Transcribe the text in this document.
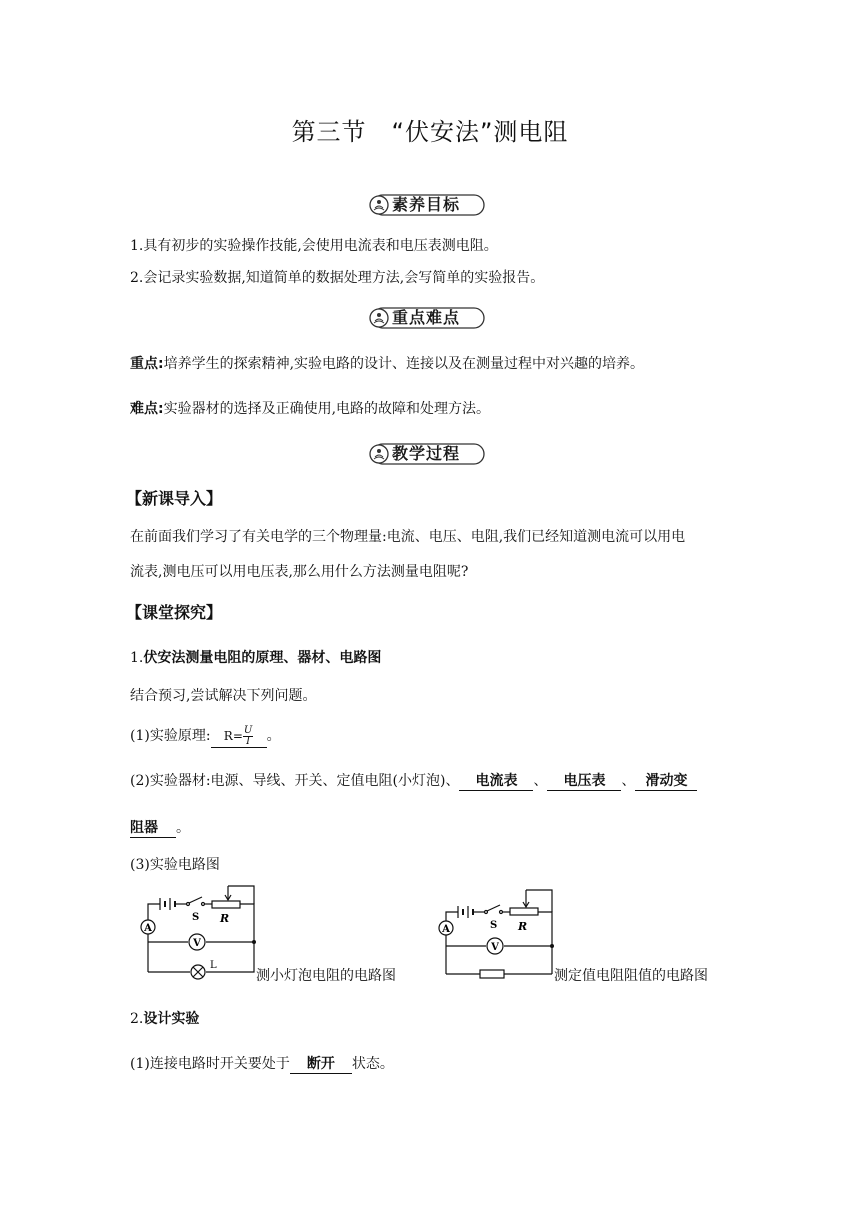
第三节　“伏安法”测电阻
素养目标
1.具有初步的实验操作技能,会使用电流表和电压表测电阻。
2.会记录实验数据,知道简单的数据处理方法,会写简单的实验报告。
重点难点
重点:培养学生的探索精神,实验电路的设计、连接以及在测量过程中对兴趣的培养。
难点:实验器材的选择及正确使用,电路的故障和处理方法。
教学过程
【新课导入】
在前面我们学习了有关电学的三个物理量:电流、电压、电阻,我们已经知道测电流可以用电
流表,测电压可以用电压表,那么用什么方法测量电阻呢?
【课堂探究】
1.伏安法测量电阻的原理、器材、电路图
结合预习,尝试解决下列问题。
(1)实验原理: $R= \frac{U}{I}$ 。
(2)实验器材:电源、导线、开关、定值电阻(小灯泡)、 电流表 、 电压表 、 滑动变
阻器 。
(3)实验电路图
A
V
L
S R
测小灯泡电阻的电路图
A
V
S R
测定值电阻阻值的电路图
2.设计实验
(1)连接电路时开关要处于 断开 状态。
